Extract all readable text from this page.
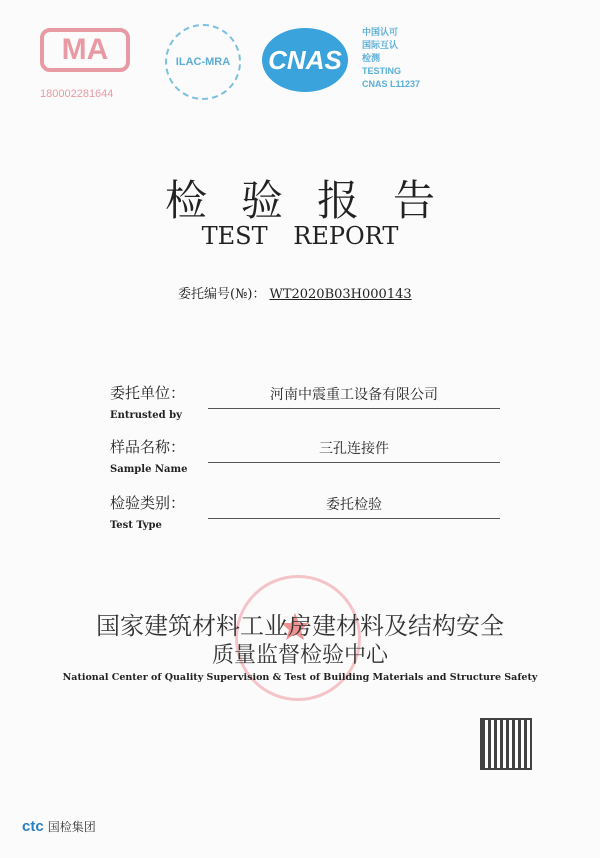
MA
180002281644
ILAC-MRA	CNAS
中国认可
国际互认
检测
TESTING
CNAS L11237
检验报告
TEST REPORT
委托编号(№)： WT2020B03H000143
委托单位：
Entrusted by
河南中震重工设备有限公司
样品名称：
Sample Name
三孔连接件
检验类别：
Test Type
委托检验
国家建筑材料工业房建材料及结构安全
质量监督检验中心
National Center of Quality Supervision & Test of Building Materials and Structure Safety
ctc 国检集团
